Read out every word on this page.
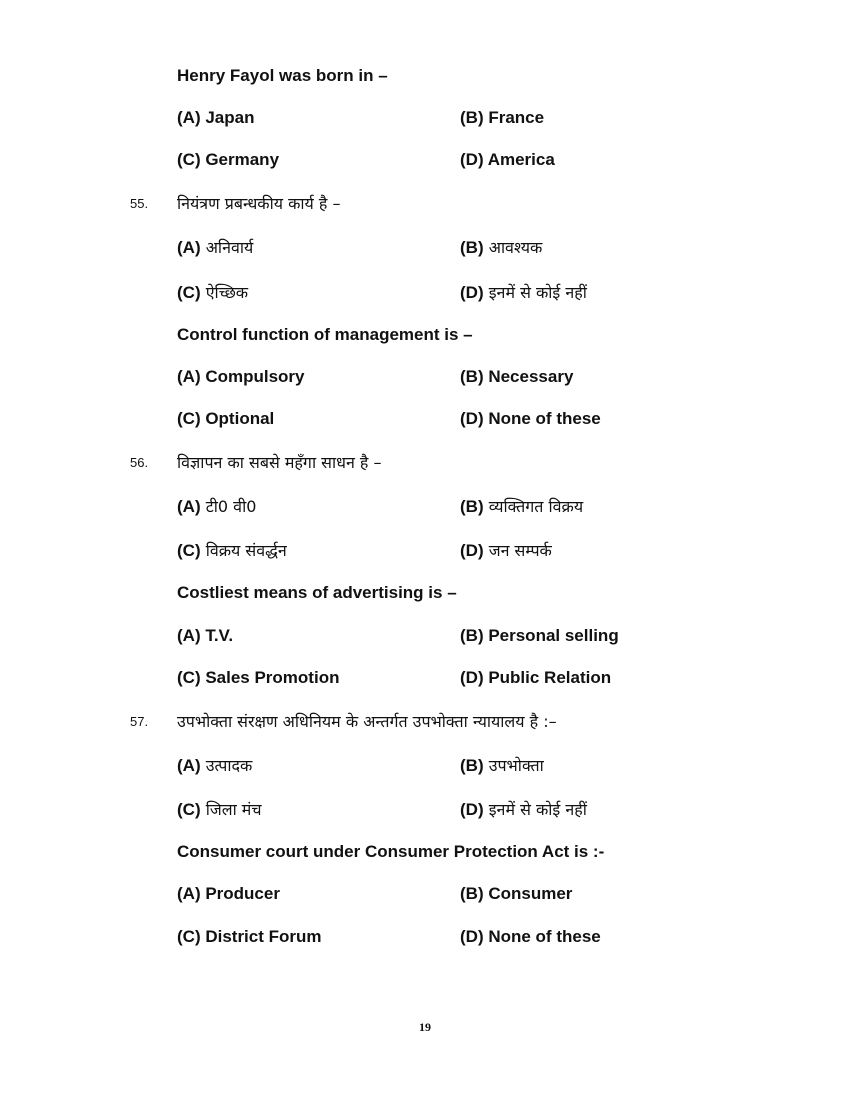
Henry Fayol was born in –
(A) Japan	(B) France
(C) Germany	(D) America
55. नियंत्रण प्रबन्धकीय कार्य है –
(A) अनिवार्य	(B) आवश्यक
(C) ऐच्छिक	(D) इनमें से कोई नहीं
Control function of management is –
(A) Compulsory	(B) Necessary
(C) Optional	(D) None of these
56. विज्ञापन का सबसे महँगा साधन है –
(A) टी0 वी0	(B) व्यक्तिगत विक्रय
(C) विक्रय संवर्द्धन	(D) जन सम्पर्क
Costliest means of advertising is –
(A) T.V.	(B) Personal selling
(C) Sales Promotion	(D) Public Relation
57. उपभोक्ता संरक्षण अधिनियम के अन्तर्गत उपभोक्ता न्यायालय है :–
(A) उत्पादक	(B) उपभोक्ता
(C) जिला मंच	(D) इनमें से कोई नहीं
Consumer court under Consumer Protection Act is :-
(A) Producer	(B) Consumer
(C) District Forum	(D) None of these
19
